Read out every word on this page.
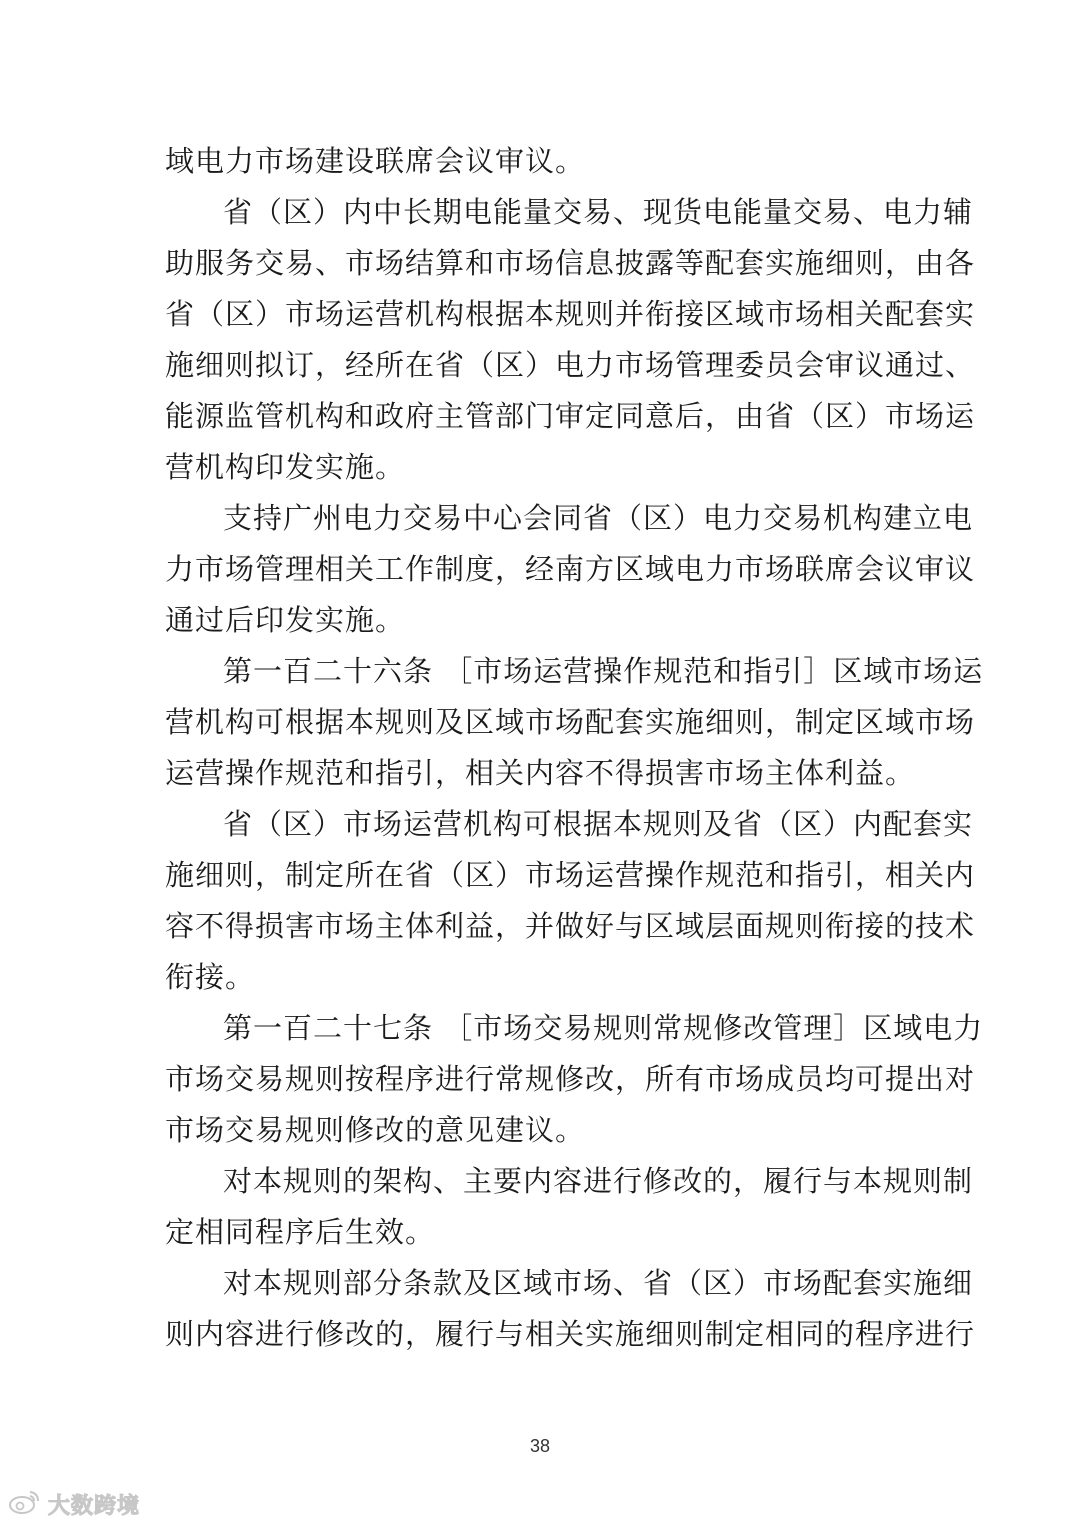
域电力市场建设联席会议审议。
省（区）内中长期电能量交易、现货电能量交易、电力辅
助服务交易、市场结算和市场信息披露等配套实施细则，由各
省（区）市场运营机构根据本规则并衔接区域市场相关配套实
施细则拟订，经所在省（区）电力市场管理委员会审议通过、
能源监管机构和政府主管部门审定同意后，由省（区）市场运
营机构印发实施。
支持广州电力交易中心会同省（区）电力交易机构建立电
力市场管理相关工作制度，经南方区域电力市场联席会议审议
通过后印发实施。
第一百二十六条 ［市场运营操作规范和指引］区域市场运
营机构可根据本规则及区域市场配套实施细则，制定区域市场
运营操作规范和指引，相关内容不得损害市场主体利益。
省（区）市场运营机构可根据本规则及省（区）内配套实
施细则，制定所在省（区）市场运营操作规范和指引，相关内
容不得损害市场主体利益，并做好与区域层面规则衔接的技术
衔接。
第一百二十七条 ［市场交易规则常规修改管理］区域电力
市场交易规则按程序进行常规修改，所有市场成员均可提出对
市场交易规则修改的意见建议。
对本规则的架构、主要内容进行修改的，履行与本规则制
定相同程序后生效。
对本规则部分条款及区域市场、省（区）市场配套实施细
则内容进行修改的，履行与相关实施细则制定相同的程序进行
38
大数跨境
